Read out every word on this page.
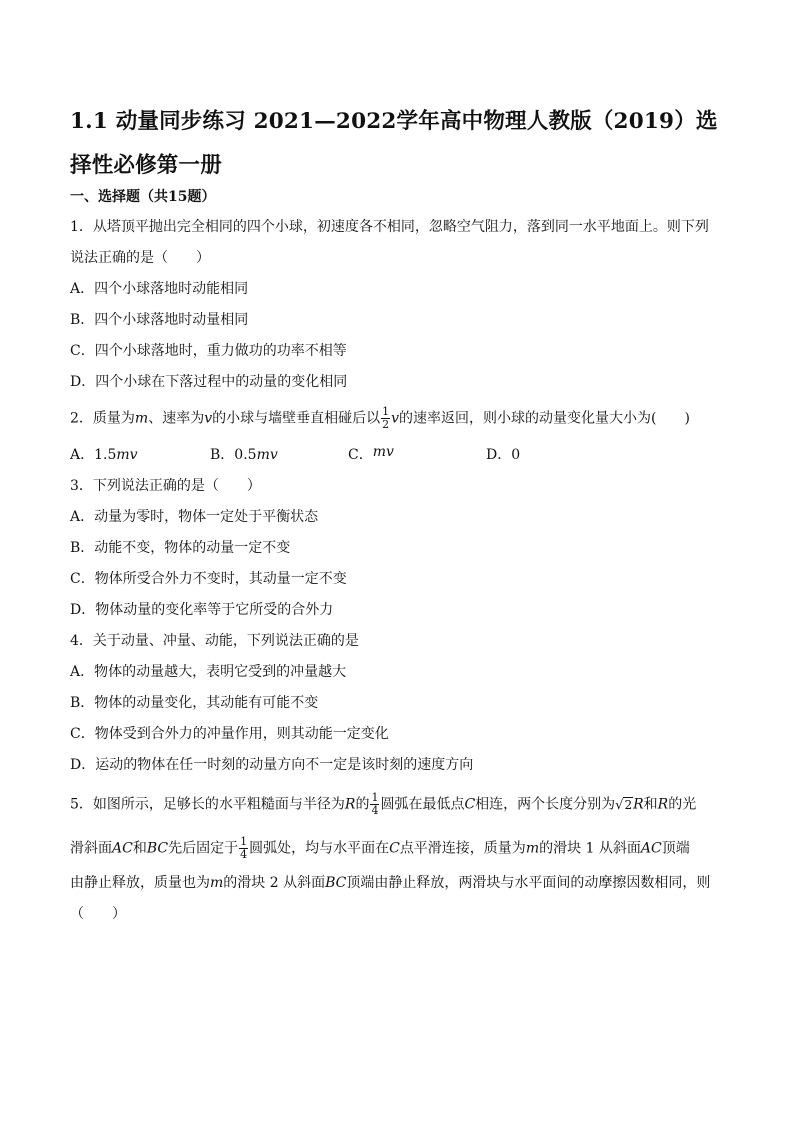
1.1 动量同步练习 2021—2022学年高中物理人教版（2019）选择性必修第一册
一、选择题（共15题）
1．从塔顶平抛出完全相同的四个小球，初速度各不相同，忽略空气阻力，落到同一水平地面上。则下列
说法正确的是（　　）
A．四个小球落地时动能相同
B．四个小球落地时动量相同
C．四个小球落地时，重力做功的功率不相等
D．四个小球在下落过程中的动量的变化相同
2．质量为m、速率为v的小球与墙壁垂直相碰后以 $\frac{1}{2}$ v的速率返回，则小球的动量变化量大小为(　　)
A．1.5mv	B．0.5mv	C．mv	D．0
3．下列说法正确的是（　　）
A．动量为零时，物体一定处于平衡状态
B．动能不变，物体的动量一定不变
C．物体所受合外力不变时，其动量一定不变
D．物体动量的变化率等于它所受的合外力
4．关于动量、冲量、动能，下列说法正确的是
A．物体的动量越大，表明它受到的冲量越大
B．物体的动量变化，其动能有可能不变
C．物体受到合外力的冲量作用，则其动能一定变化
D．运动的物体在任一时刻的动量方向不一定是该时刻的速度方向
5．如图所示，足够长的水平粗糙面与半径为R的 $\frac{1}{4}$ 圆弧在最低点C相连，两个长度分别为√2R和R的光
滑斜面AC和BC先后固定于 $\frac{1}{4}$ 圆弧处，均与水平面在C点平滑连接，质量为m的滑块 1 从斜面AC顶端
由静止释放，质量也为m的滑块 2 从斜面BC顶端由静止释放，两滑块与水平面间的动摩擦因数相同，则
（　　）
